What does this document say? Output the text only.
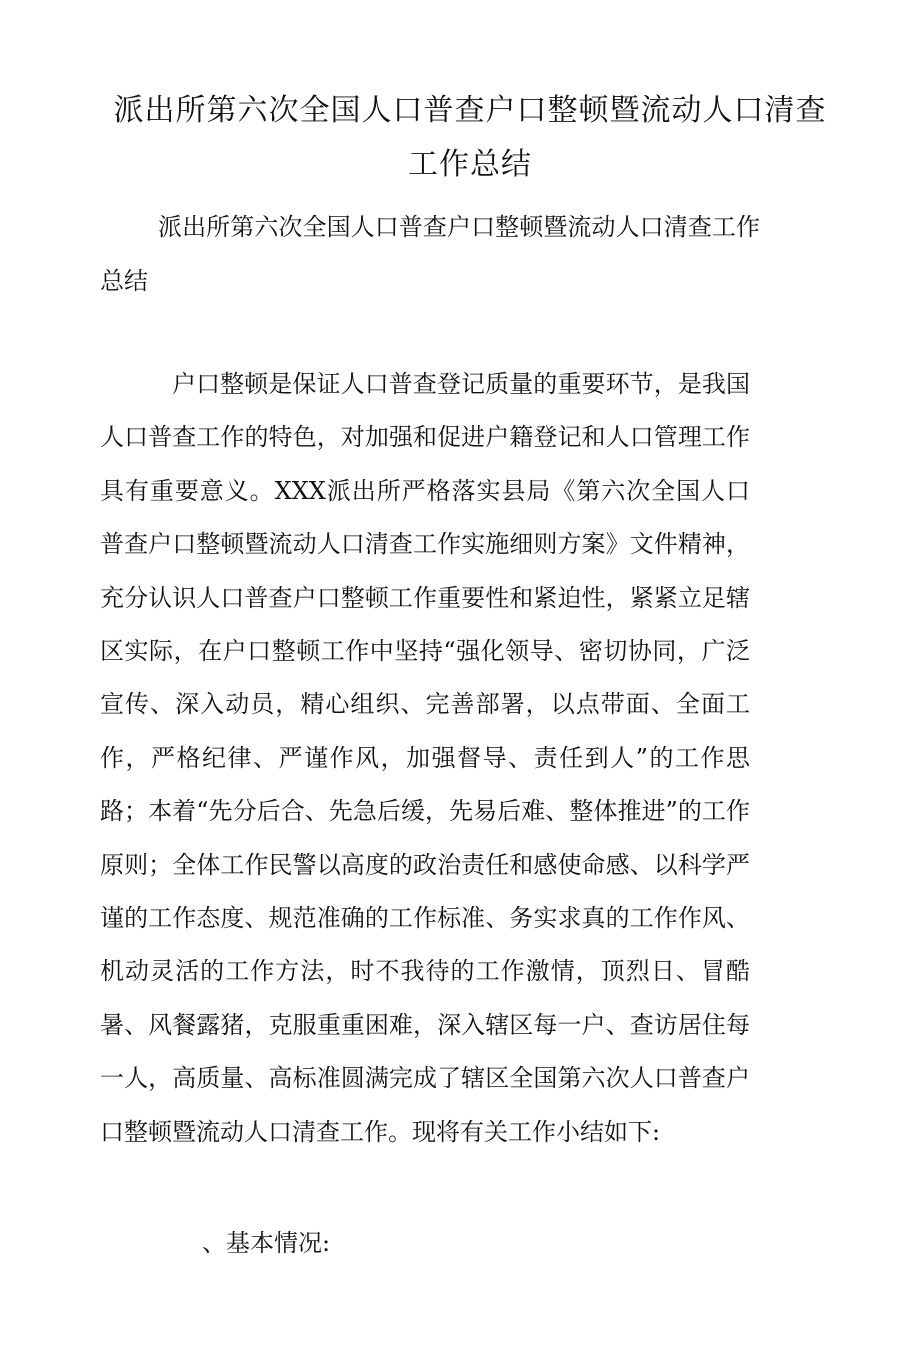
派出所第六次全国人口普查户口整顿暨流动人口清查工作总结
派出所第六次全国人口普查户口整顿暨流动人口清查工作总结
户口整顿是保证人口普查登记质量的重要环节，是我国人口普查工作的特色，对加强和促进户籍登记和人口管理工作具有重要意义。XXX派出所严格落实县局《第六次全国人口普查户口整顿暨流动人口清查工作实施细则方案》文件精神，充分认识人口普查户口整顿工作重要性和紧迫性，紧紧立足辖区实际，在户口整顿工作中坚持“强化领导、密切协同，广泛宣传、深入动员，精心组织、完善部署，以点带面、全面工作，严格纪律、严谨作风，加强督导、责任到人”的工作思路；本着“先分后合、先急后缓，先易后难、整体推进”的工作原则；全体工作民警以高度的政治责任和感使命感、以科学严谨的工作态度、规范准确的工作标准、务实求真的工作作风、机动灵活的工作方法，时不我待的工作激情，顶烈日、冒酷暑、风餐露猪，克服重重困难，深入辖区每一户、查访居住每一人，高质量、高标准圆满完成了辖区全国第六次人口普查户口整顿暨流动人口清查工作。现将有关工作小结如下:
、基本情况:
